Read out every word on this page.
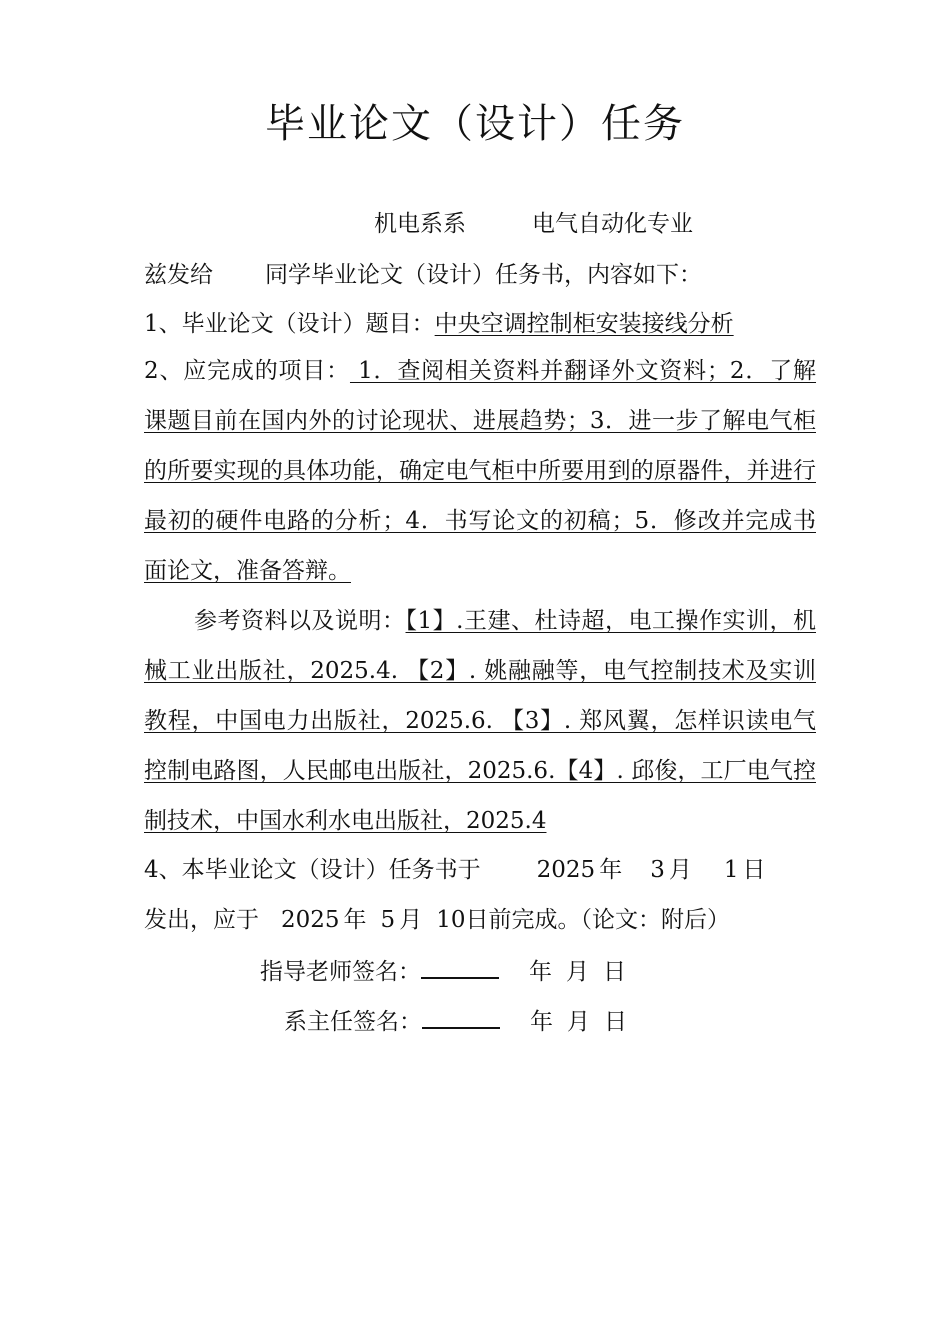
毕业论文（设计）任务
机电系系	电气自动化专业
兹发给 同学毕业论文（设计）任务书，内容如下：
1、毕业论文（设计）题目：中央空调控制柜安装接线分析
2、应完成的项目： 1．查阅相关资料并翻译外文资料；2．了解课题目前在国内外的讨论现状、进展趋势；3．进一步了解电气柜的所要实现的具体功能，确定电气柜中所要用到的原器件，并进行最初的硬件电路的分析；4．书写论文的初稿；5．修改并完成书面论文，准备答辩。
参考资料以及说明：【1】.王建、杜诗超，电工操作实训，机械工业出版社，2025.4. 【2】. 姚融融等，电气控制技术及实训教程，中国电力出版社，2025.6. 【3】. 郑风翼，怎样识读电气控制电路图，人民邮电出版社，2025.6.【4】. 邱俊，工厂电气控制技术，中国水利水电出版社，2025.4
4、本毕业论文（设计）任务书于 2025 年 3 月 1 日
发出，应于 2025 年 5 月 10日前完成。（论文：附后）
指导老师签名：	年 月 日
系主任签名：	年 月 日
